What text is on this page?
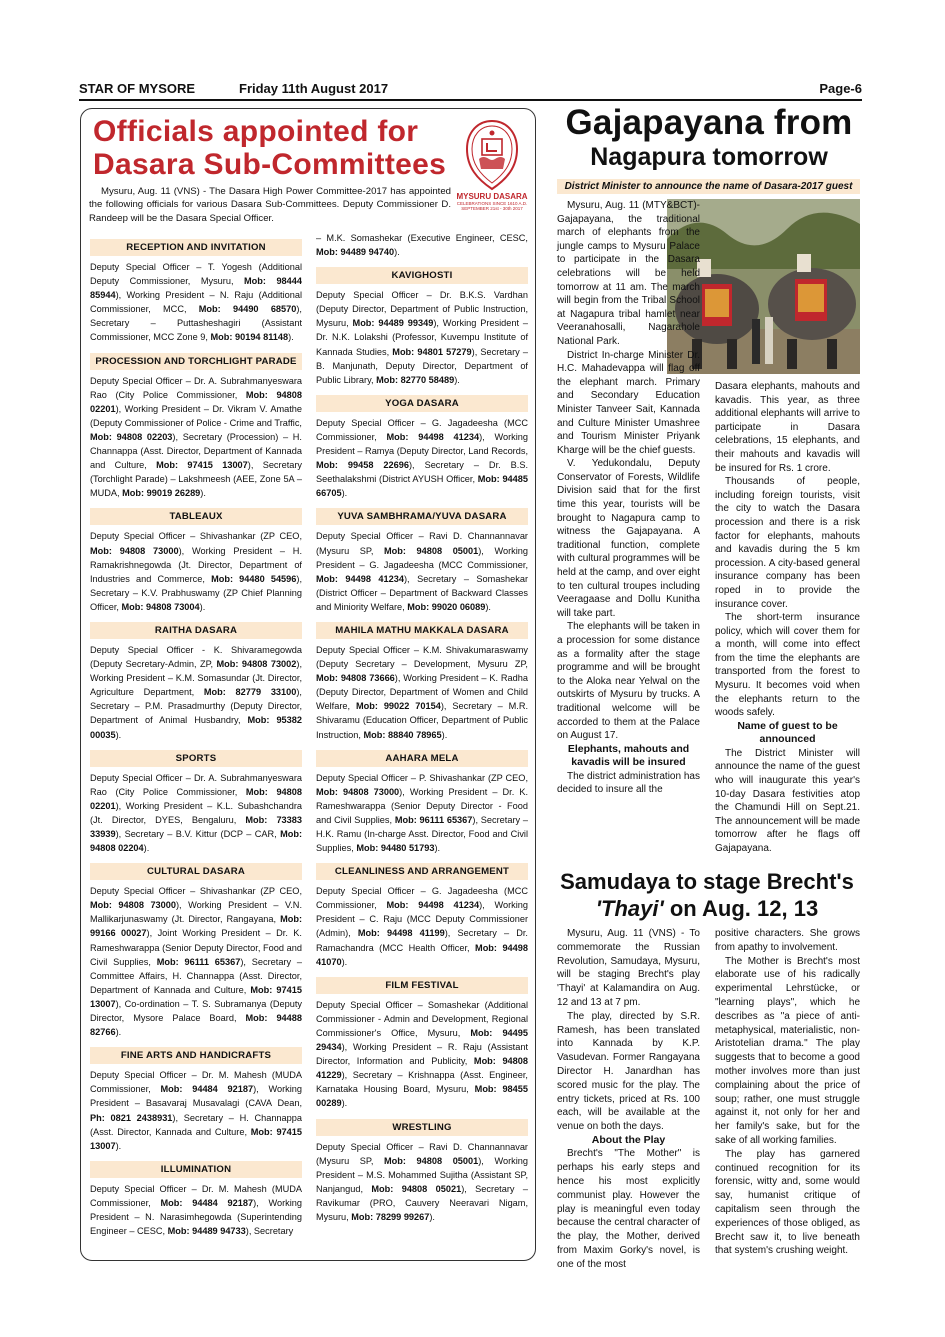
STAR OF MYSORE	Friday 11th August 2017	Page-6
Officials appointed for
Dasara Sub-Committees
MYSURU DASARA
CELEBRATIONS SINCE 1610 A.D.
SEPTEMBER 21st - 30th 2017
Mysuru, Aug. 11 (VNS) - The Dasara High Power Committee-2017 has appointed the following officials for various Dasara Sub-Committees. Deputy Commissioner D. Randeep will be the Dasara Special Officer.
RECEPTION AND INVITATION
Deputy Special Officer – T. Yogesh (Additional Deputy Commissioner, Mysuru, Mob: 98444 85944), Working President – N. Raju (Additional Commissioner, MCC, Mob: 94490 68570), Secretary – Puttasheshagiri (Assistant Commissioner, MCC Zone 9, Mob: 90194 81148).
PROCESSION AND TORCHLIGHT PARADE
Deputy Special Officer – Dr. A. Subrahmanyeswara Rao (City Police Commissioner, Mob: 94808 02201), Working President – Dr. Vikram V. Amathe (Deputy Commissioner of Police - Crime and Traffic, Mob: 94808 02203), Secretary (Procession) – H. Channappa (Asst. Director, Department of Kannada and Culture, Mob: 97415 13007), Secretary (Torchlight Parade) – Lakshmeesh (AEE, Zone 5A – MUDA, Mob: 99019 26289).
TABLEAUX
Deputy Special Officer – Shivashankar (ZP CEO, Mob: 94808 73000), Working President – H. Ramakrishnegowda (Jt. Director, Department of Industries and Commerce, Mob: 94480 54596), Secretary – K.V. Prabhuswamy (ZP Chief Planning Officer, Mob: 94808 73004).
RAITHA DASARA
Deputy Special Officer - K. Shivaramegowda (Deputy Secretary-Admin, ZP, Mob: 94808 73002), Working President – K.M. Somasundar (Jt. Director, Agriculture Department, Mob: 82779 33100), Secretary – P.M. Prasadmurthy (Deputy Director, Department of Animal Husbandry, Mob: 95382 00035).
SPORTS
Deputy Special Officer – Dr. A. Subrahmanyeswara Rao (City Police Commissioner, Mob: 94808 02201), Working President – K.L. Subashchandra (Jt. Director, DYES, Bengaluru, Mob: 73383 33939), Secretary – B.V. Kittur (DCP – CAR, Mob: 94808 02204).
CULTURAL DASARA
Deputy Special Officer – Shivashankar (ZP CEO, Mob: 94808 73000), Working President – V.N. Mallikarjunaswamy (Jt. Director, Rangayana, Mob: 99166 00027), Joint Working President – Dr. K. Rameshwarappa (Senior Deputy Director, Food and Civil Supplies, Mob: 96111 65367), Secretary – Committee Affairs, H. Channappa (Asst. Director, Department of Kannada and Culture, Mob: 97415 13007), Co-ordination – T. S. Subramanya (Deputy Director, Mysore Palace Board, Mob: 94488 82766).
FINE ARTS AND HANDICRAFTS
Deputy Special Officer – Dr. M. Mahesh (MUDA Commissioner, Mob: 94484 92187), Working President – Basavaraj Musavalagi (CAVA Dean, Ph: 0821 2438931), Secretary – H. Channappa (Asst. Director, Kannada and Culture, Mob: 97415 13007).
ILLUMINATION
Deputy Special Officer – Dr. M. Mahesh (MUDA Commissioner, Mob: 94484 92187), Working President – N. Narasimhegowda (Superintending Engineer – CESC, Mob: 94489 94733), Secretary
– M.K. Somashekar (Executive Engineer, CESC, Mob: 94489 94740).
KAVIGHOSTI
Deputy Special Officer – Dr. B.K.S. Vardhan (Deputy Director, Department of Public Instruction, Mysuru, Mob: 94489 99349), Working President – Dr. N.K. Lolakshi (Professor, Kuvempu Institute of Kannada Studies, Mob: 94801 57279), Secretary – B. Manjunath, Deputy Director, Department of Public Library, Mob: 82770 58489).
YOGA DASARA
Deputy Special Officer – G. Jagadeesha (MCC Commissioner, Mob: 94498 41234), Working President – Ramya (Deputy Director, Land Records, Mob: 99458 22696), Secretary – Dr. B.S. Seethalakshmi (District AYUSH Officer, Mob: 94485 66705).
YUVA SAMBHRAMA/YUVA DASARA
Deputy Special Officer – Ravi D. Channannavar (Mysuru SP, Mob: 94808 05001), Working President – G. Jagadeesha (MCC Commissioner, Mob: 94498 41234), Secretary – Somashekar (District Officer – Department of Backward Classes and Miniority Welfare, Mob: 99020 06089).
MAHILA MATHU MAKKALA DASARA
Deputy Special Officer – K.M. Shivakumaraswamy (Deputy Secretary – Development, Mysuru ZP, Mob: 94808 73666), Working President – K. Radha (Deputy Director, Department of Women and Child Welfare, Mob: 99022 70154), Secretary – M.R. Shivaramu (Education Officer, Department of Public Instruction, Mob: 88840 78965).
AAHARA MELA
Deputy Special Officer – P. Shivashankar (ZP CEO, Mob: 94808 73000), Working President – Dr. K. Rameshwarappa (Senior Deputy Director - Food and Civil Supplies, Mob: 96111 65367), Secretary – H.K. Ramu (In-charge Asst. Director, Food and Civil Supplies, Mob: 94480 51793).
CLEANLINESS AND ARRANGEMENT
Deputy Special Officer – G. Jagadeesha (MCC Commissioner, Mob: 94498 41234), Working President – C. Raju (MCC Deputy Commissioner (Admin), Mob: 94498 41199), Secretary – Dr. Ramachandra (MCC Health Officer, Mob: 94498 41070).
FILM FESTIVAL
Deputy Special Officer – Somashekar (Additional Commissioner - Admin and Development, Regional Commissioner's Office, Mysuru, Mob: 94495 29434), Working President – R. Raju (Assistant Director, Information and Publicity, Mob: 94808 41229), Secretary – Krishnappa (Asst. Engineer, Karnataka Housing Board, Mysuru, Mob: 98455 00289).
WRESTLING
Deputy Special Officer – Ravi D. Channannavar (Mysuru SP, Mob: 94808 05001), Working President – M.S. Mohammed Sujitha (Assistant SP, Nanjangud, Mob: 94808 05021), Secretary – Ravikumar (PRO, Cauvery Neeravari Nigam, Mysuru, Mob: 78299 99267).
Gajapayana from
Nagapura tomorrow
District Minister to announce the name of Dasara-2017 guest

Mysuru, Aug. 11 (MTY&BCT)- Gajapayana, the traditional march of elephants from the jungle camps to Mysuru Palace to participate in the Dasara celebrations will be held tomorrow at 11 am. The march will begin from the Tribal School at Nagapura tribal hamlet near Veeranahosalli, Nagarahole National Park.

District In-charge Minister Dr. H.C. Mahadevappa will flag off the elephant march. Primary and Secondary Education Minister Tanveer Sait, Kannada and Culture Minister Umashree and Tourism Minister Priyank Kharge will be the chief guests.

V. Yedukondalu, Deputy Conservator of Forests, Wildlife Division said that for the first time this year, tourists will be brought to Nagapura camp to witness the Gajapayana. A traditional function, complete with cultural programmes will be held at the camp, and over eight to ten cultural troupes including Veeragaase and Dollu Kunitha will take part.

The elephants will be taken in a procession for some distance as a formality after the stage programme and will be brought to the Aloka near Yelwal on the outskirts of Mysuru by trucks. A traditional welcome will be accorded to them at the Palace on August 17.

Elephants, mahouts and kavadis will be insured

The district administration has decided to insure all the

Dasara elephants, mahouts and kavadis. This year, as three additional elephants will arrive to participate in Dasara celebrations, 15 elephants, and their mahouts and kavadis will be insured for Rs. 1 crore.

Thousands of people, including foreign tourists, visit the city to watch the Dasara procession and there is a risk factor for elephants, mahouts and kavadis during the 5 km procession. A city-based general insurance company has been roped in to provide the insurance cover.

The short-term insurance policy, which will cover them for a month, will come into effect from the time the elephants are transported from the forest to Mysuru. It becomes void when the elephants return to the woods safely.

Name of guest to be announced

The District Minister will announce the name of the guest who will inaugurate this year's 10-day Dasara festivities atop the Chamundi Hill on Sept.21. The announcement will be made tomorrow after he flags off Gajapayana.

Samudaya to stage Brecht's
'Thayi' on Aug. 12, 13

Mysuru, Aug. 11 (VNS) - To commemorate the Russian Revolution, Samudaya, Mysuru, will be staging Brecht's play 'Thayi' at Kalamandira on Aug. 12 and 13 at 7 pm.

The play, directed by S.R. Ramesh, has been translated into Kannada by K.P. Vasudevan. Former Rangayana Director H. Janardhan has scored music for the play. The entry tickets, priced at Rs. 100 each, will be available at the venue on both the days.

About the Play

Brecht's "The Mother" is perhaps his early steps and hence his most explicitly communist play. However the play is meaningful even today because the central character of the play, the Mother, derived from Maxim Gorky's novel, is one of the most

positive characters. She grows from apathy to involvement.

The Mother is Brecht's most elaborate use of his radically experimental Lehrstücke, or "learning plays", which he describes as "a piece of anti-metaphysical, materialistic, non-Aristotelian drama." The play suggests that to become a good mother involves more than just complaining about the price of soup; rather, one must struggle against it, not only for her and her family's sake, but for the sake of all working families.

The play has garnered continued recognition for its forensic, witty and, some would say, humanist critique of capitalism seen through the experiences of those obliged, as Brecht saw it, to live beneath that system's crushing weight.
